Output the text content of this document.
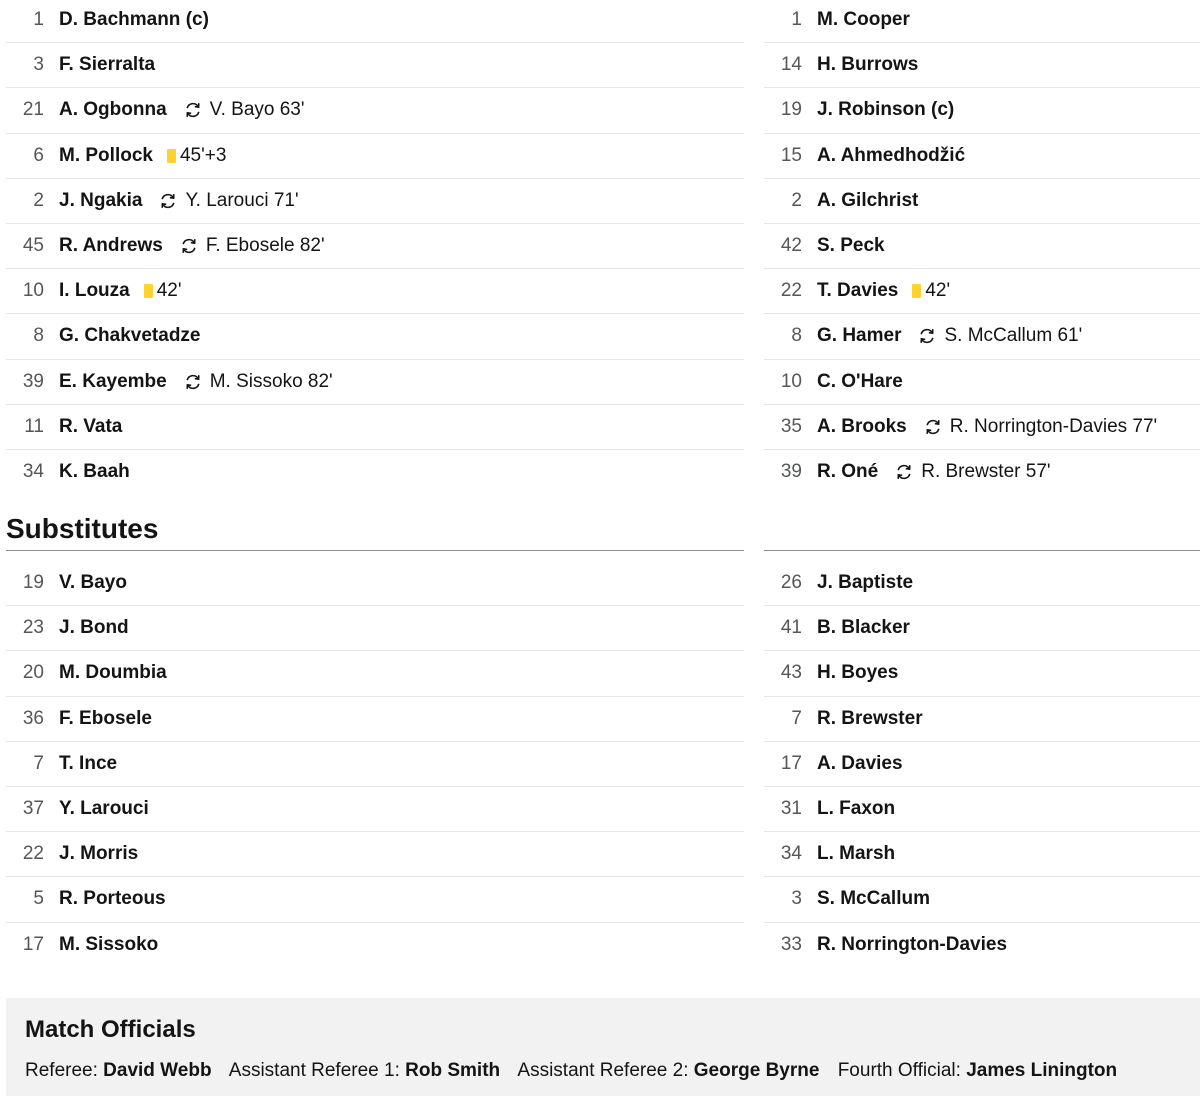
1 D. Bachmann (c)
3 F. Sierralta
21 A. Ogbonna V. Bayo 63'
6 M. Pollock 45'+3
2 J. Ngakia Y. Larouci 71'
45 R. Andrews F. Ebosele 82'
10 I. Louza 42'
8 G. Chakvetadze
39 E. Kayembe M. Sissoko 82'
11 R. Vata
34 K. Baah
1 M. Cooper
14 H. Burrows
19 J. Robinson (c)
15 A. Ahmedhodžić
2 A. Gilchrist
42 S. Peck
22 T. Davies 42'
8 G. Hamer S. McCallum 61'
10 C. O'Hare
35 A. Brooks R. Norrington-Davies 77'
39 R. Oné R. Brewster 57'
Substitutes
19 V. Bayo
23 J. Bond
20 M. Doumbia
36 F. Ebosele
7 T. Ince
37 Y. Larouci
22 J. Morris
5 R. Porteous
17 M. Sissoko
26 J. Baptiste
41 B. Blacker
43 H. Boyes
7 R. Brewster
17 A. Davies
31 L. Faxon
34 L. Marsh
3 S. McCallum
33 R. Norrington-Davies
Match Officials
Referee: David Webb Assistant Referee 1: Rob Smith Assistant Referee 2: George Byrne Fourth Official: James Linington
